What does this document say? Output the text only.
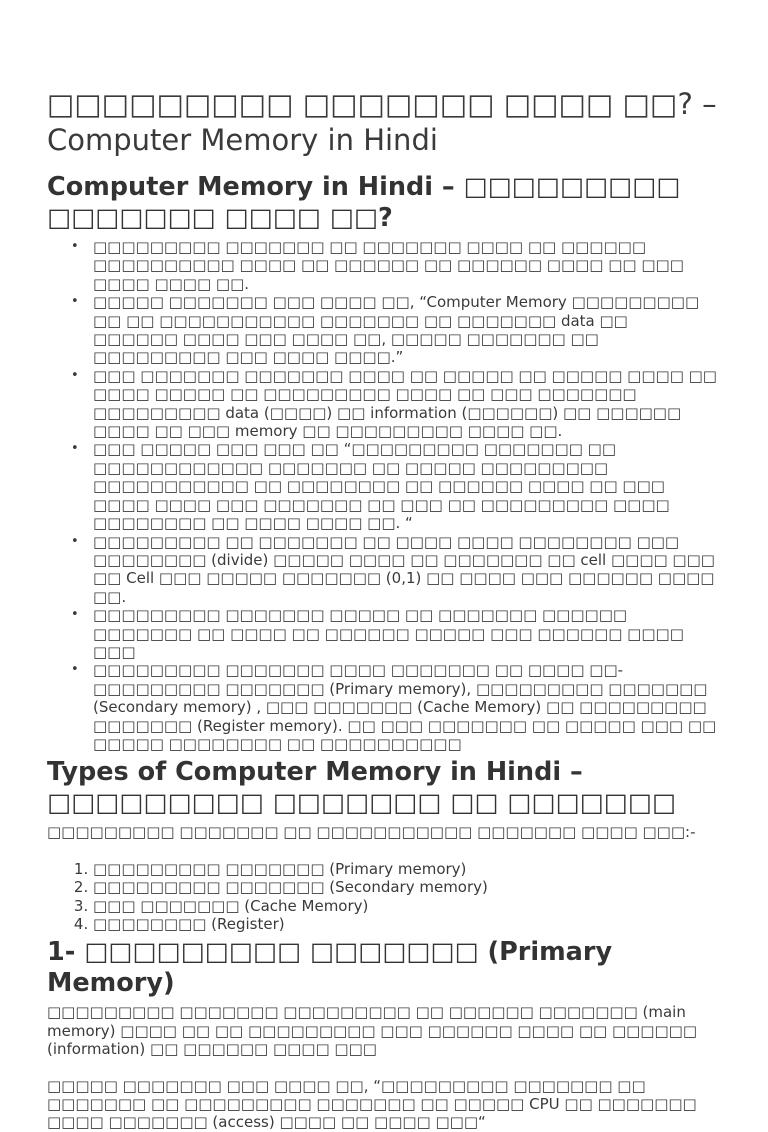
□□□□□□□□□ □□□□□□□ □□□□ □□? – Computer Memory in Hindi
Computer Memory in Hindi – □□□□□□□□□ □□□□□□□ □□□□ □□?
• □□□□□□□□□ □□□□□□□ □□ □□□□□□□ □□□□ □□ □□□□□□ □□□□□□□□□□ □□□□ □□ □□□□□□ □□ □□□□□□ □□□□ □□ □□□ □□□□ □□□□ □□.
• □□□□□ □□□□□□□ □□□ □□□□ □□, “Computer Memory □□□□□□□□□ □□ □□ □□□□□□□□□□□ □□□□□□□ □□ □□□□□□□ data □□ □□□□□□ □□□□ □□□ □□□□ □□, □□□□□ □□□□□□□ □□ □□□□□□□□□ □□□ □□□□ □□□□.”
• □□□ □□□□□□□ □□□□□□□ □□□□ □□ □□□□□ □□ □□□□□ □□□□ □□ □□□□ □□□□□ □□ □□□□□□□□□ □□□□ □□ □□□ □□□□□□□ □□□□□□□□□ data (□□□□) □□ information (□□□□□□) □□ □□□□□□ □□□□ □□ □□□ memory □□ □□□□□□□□□ □□□□ □□.
• □□□ □□□□□ □□□ □□□ □□ “□□□□□□□□□ □□□□□□□ □□ □□□□□□□□□□□□ □□□□□□□ □□ □□□□□ □□□□□□□□□ □□□□□□□□□□□ □□ □□□□□□□□ □□ □□□□□□ □□□□ □□ □□□ □□□□ □□□□ □□□ □□□□□□□ □□ □□□ □□ □□□□□□□□□ □□□□ □□□□□□□□ □□ □□□□ □□□□ □□. “
• □□□□□□□□□ □□ □□□□□□□ □□ □□□□ □□□□ □□□□□□□□ □□□ □□□□□□□□ (divide) □□□□□ □□□□ □□ □□□□□□□ □□ cell □□□□ □□□ □□ Cell □□□ □□□□□ □□□□□□□ (0,1) □□ □□□□ □□□ □□□□□□ □□□□ □□.
• □□□□□□□□□ □□□□□□□ □□□□□ □□ □□□□□□□ □□□□□□ □□□□□□□ □□ □□□□ □□ □□□□□□ □□□□□ □□□ □□□□□□ □□□□ □□□
• □□□□□□□□□ □□□□□□□ □□□□ □□□□□□□ □□ □□□□ □□- □□□□□□□□□ □□□□□□□ (Primary memory), □□□□□□□□□ □□□□□□□ (Secondary memory) , □□□ □□□□□□□ (Cache Memory) □□ □□□□□□□□□ □□□□□□□ (Register memory). □□ □□□ □□□□□□□ □□ □□□□□ □□□ □□ □□□□□ □□□□□□□□ □□ □□□□□□□□□□
Types of Computer Memory in Hindi – □□□□□□□□□ □□□□□□□ □□ □□□□□□□

□□□□□□□□□ □□□□□□□ □□ □□□□□□□□□□□ □□□□□□□ □□□□ □□□:-

1. □□□□□□□□□ □□□□□□□ (Primary memory)
2. □□□□□□□□□ □□□□□□□ (Secondary memory)
3. □□□ □□□□□□□ (Cache Memory)
4. □□□□□□□□ (Register)
1- □□□□□□□□□ □□□□□□□ (Primary Memory)

□□□□□□□□□ □□□□□□□ □□□□□□□□□ □□ □□□□□□ □□□□□□□ (main memory) □□□□ □□ □□ □□□□□□□□□ □□□ □□□□□□ □□□□ □□ □□□□□□ (information) □□ □□□□□□ □□□□ □□□

□□□□□ □□□□□□□ □□□ □□□□ □□, “□□□□□□□□□ □□□□□□□ □□ □□□□□□□ □□ □□□□□□□□□ □□□□□□□ □□ □□□□□ CPU □□ □□□□□□□ □□□□ □□□□□□□ (access) □□□□ □□ □□□□ □□□“
